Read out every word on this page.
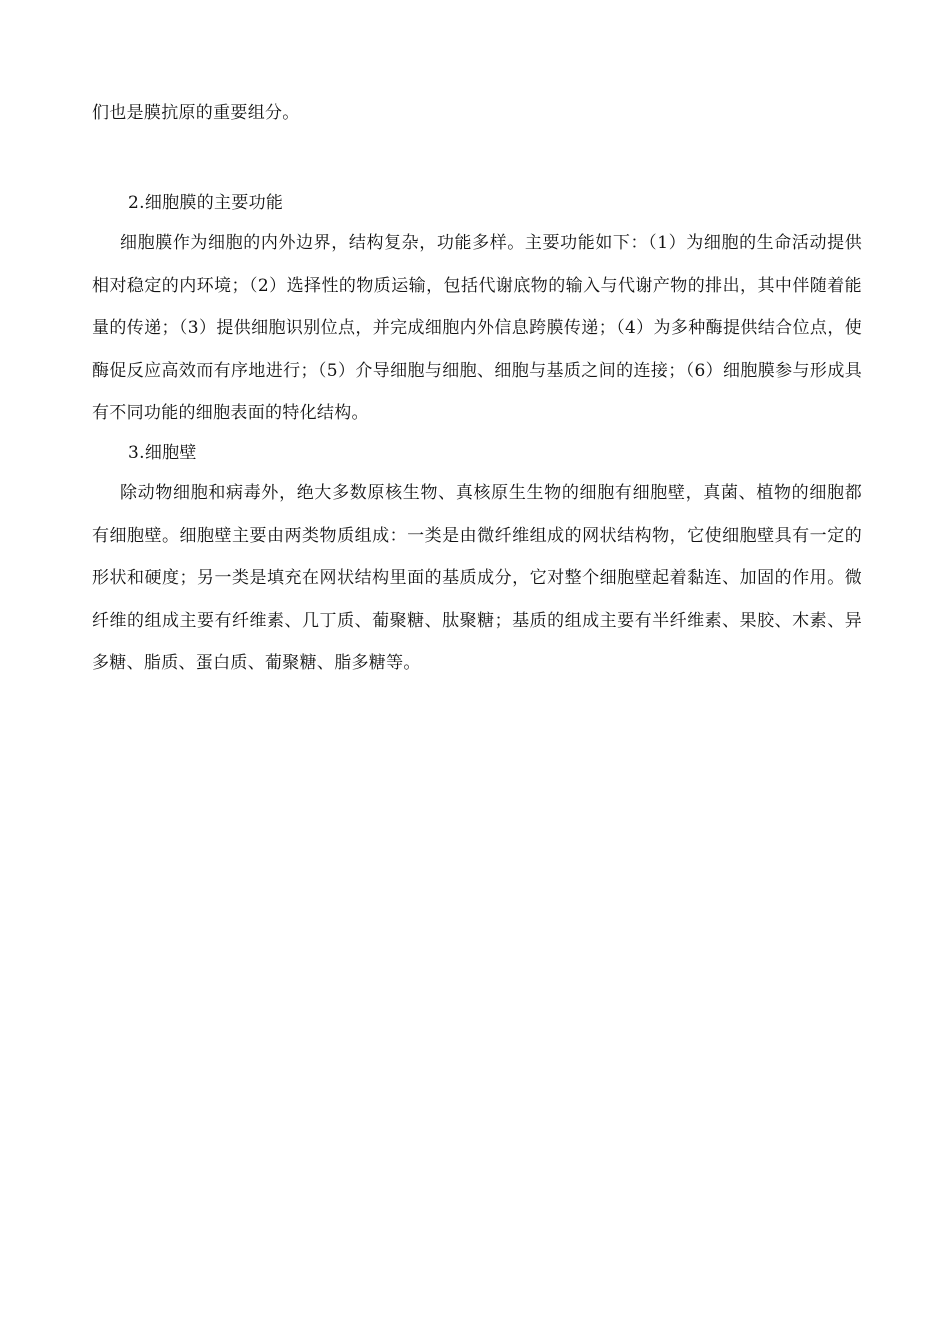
们也是膜抗原的重要组分。
2.细胞膜的主要功能
细胞膜作为细胞的内外边界，结构复杂，功能多样。主要功能如下：（1）为细胞的生命活动提供相对稳定的内环境；（2）选择性的物质运输，包括代谢底物的输入与代谢产物的排出，其中伴随着能量的传递；（3）提供细胞识别位点，并完成细胞内外信息跨膜传递；（4）为多种酶提供结合位点，使酶促反应高效而有序地进行；（5）介导细胞与细胞、细胞与基质之间的连接；（6）细胞膜参与形成具有不同功能的细胞表面的特化结构。
3.细胞壁
除动物细胞和病毒外，绝大多数原核生物、真核原生生物的细胞有细胞壁，真菌、植物的细胞都有细胞壁。细胞壁主要由两类物质组成：一类是由微纤维组成的网状结构物，它使细胞壁具有一定的形状和硬度；另一类是填充在网状结构里面的基质成分，它对整个细胞壁起着黏连、加固的作用。微纤维的组成主要有纤维素、几丁质、葡聚糖、肽聚糖；基质的组成主要有半纤维素、果胶、木素、异多糖、脂质、蛋白质、葡聚糖、脂多糖等。
